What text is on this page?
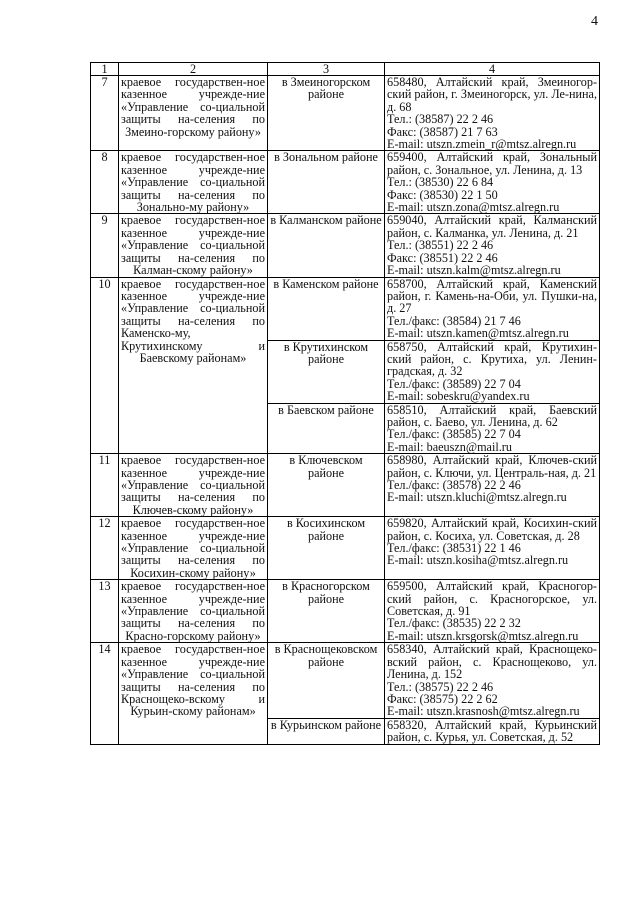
4
1	2	3	4
7	краевое государствен-ное казенное учрежде-ние «Управление со-циальной защиты на-селения по Змеино-горскому району»	в Змеиногорском районе	658480, Алтайский край, Змеиногор-ский район, г. Змеиногорск, ул. Ле-нина, д. 68
Тел.: (38587) 22 2 46
Факс: (38587) 21 7 63
E-mail: utszn.zmein_r@mtsz.alregn.ru

8	краевое государствен-ное казенное учрежде-ние «Управление со-циальной защиты на-селения по Зонально-му району»	в Зональном районе	659400, Алтайский край, Зональный район, с. Зональное, ул. Ленина, д. 13
Тел.: (38530) 22 6 84
Факс: (38530) 22 1 50
E-mail: utszn.zona@mtsz.alregn.ru

9	краевое государствен-ное казенное учрежде-ние «Управление со-циальной защиты на-селения по Калман-скому району»	в Калманском районе	659040, Алтайский край, Калманский район, с. Калманка, ул. Ленина, д. 21
Тел.: (38551) 22 2 46
Факс: (38551) 22 2 46
E-mail: utszn.kalm@mtsz.alregn.ru

10	краевое государствен-ное казенное учрежде-ние «Управление со-циальной защиты на-селения по Каменско-му, Крутихинскому и Баевскому районам»	в Каменском районе	658700, Алтайский край, Каменский район, г. Камень-на-Оби, ул. Пушки-на, д. 27
Тел./факс: (38584) 21 7 46
E-mail: utszn.kamen@mtsz.alregn.ru

		в Крутихинском районе	658750, Алтайский край, Крутихин-ский район, с. Крутиха, ул. Ленин-градская, д. 32
Тел./факс: (38589) 22 7 04
E-mail: sobeskru@yandex.ru

		в Баевском районе	658510, Алтайский край, Баевский район, с. Баево, ул. Ленина, д. 62
Тел./факс: (38585) 22 7 04
E-mail: baeuszn@mail.ru

11	краевое государствен-ное казенное учрежде-ние «Управление со-циальной защиты на-селения по Ключев-скому району»	в Ключевском районе	658980, Алтайский край, Ключев-ский район, с. Ключи, ул. Централь-ная, д. 21
Тел./факс: (38578) 22 2 46
E-mail: utszn.kluchi@mtsz.alregn.ru

12	краевое государствен-ное казенное учрежде-ние «Управление со-циальной защиты на-селения по Косихин-скому району»	в Косихинском районе	659820, Алтайский край, Косихин-ский район, с. Косиха, ул. Советская, д. 28
Тел./факс: (38531) 22 1 46
E-mail: utszn.kosiha@mtsz.alregn.ru

13	краевое государствен-ное казенное учрежде-ние «Управление со-циальной защиты на-селения по Красно-горскому району»	в Красногорском районе	659500, Алтайский край, Красногор-ский район, с. Красногорское, ул. Советская, д. 91
Тел./факс: (38535) 22 2 32
E-mail: utszn.krsgorsk@mtsz.alregn.ru

14	краевое государствен-ное казенное учрежде-ние «Управление со-циальной защиты на-селения по Краснощеко-вскому и Курьин-скому районам»	в Краснощековском районе	658340, Алтайский край, Краснощеко-вский район, с. Краснощеково, ул. Ленина, д. 152
Тел.: (38575) 22 2 46
Факс: (38575) 22 2 62
E-mail: utszn.krasnosh@mtsz.alregn.ru

		в Курьинском районе	658320, Алтайский край, Курьинский район, с. Курья, ул. Советская, д. 52
